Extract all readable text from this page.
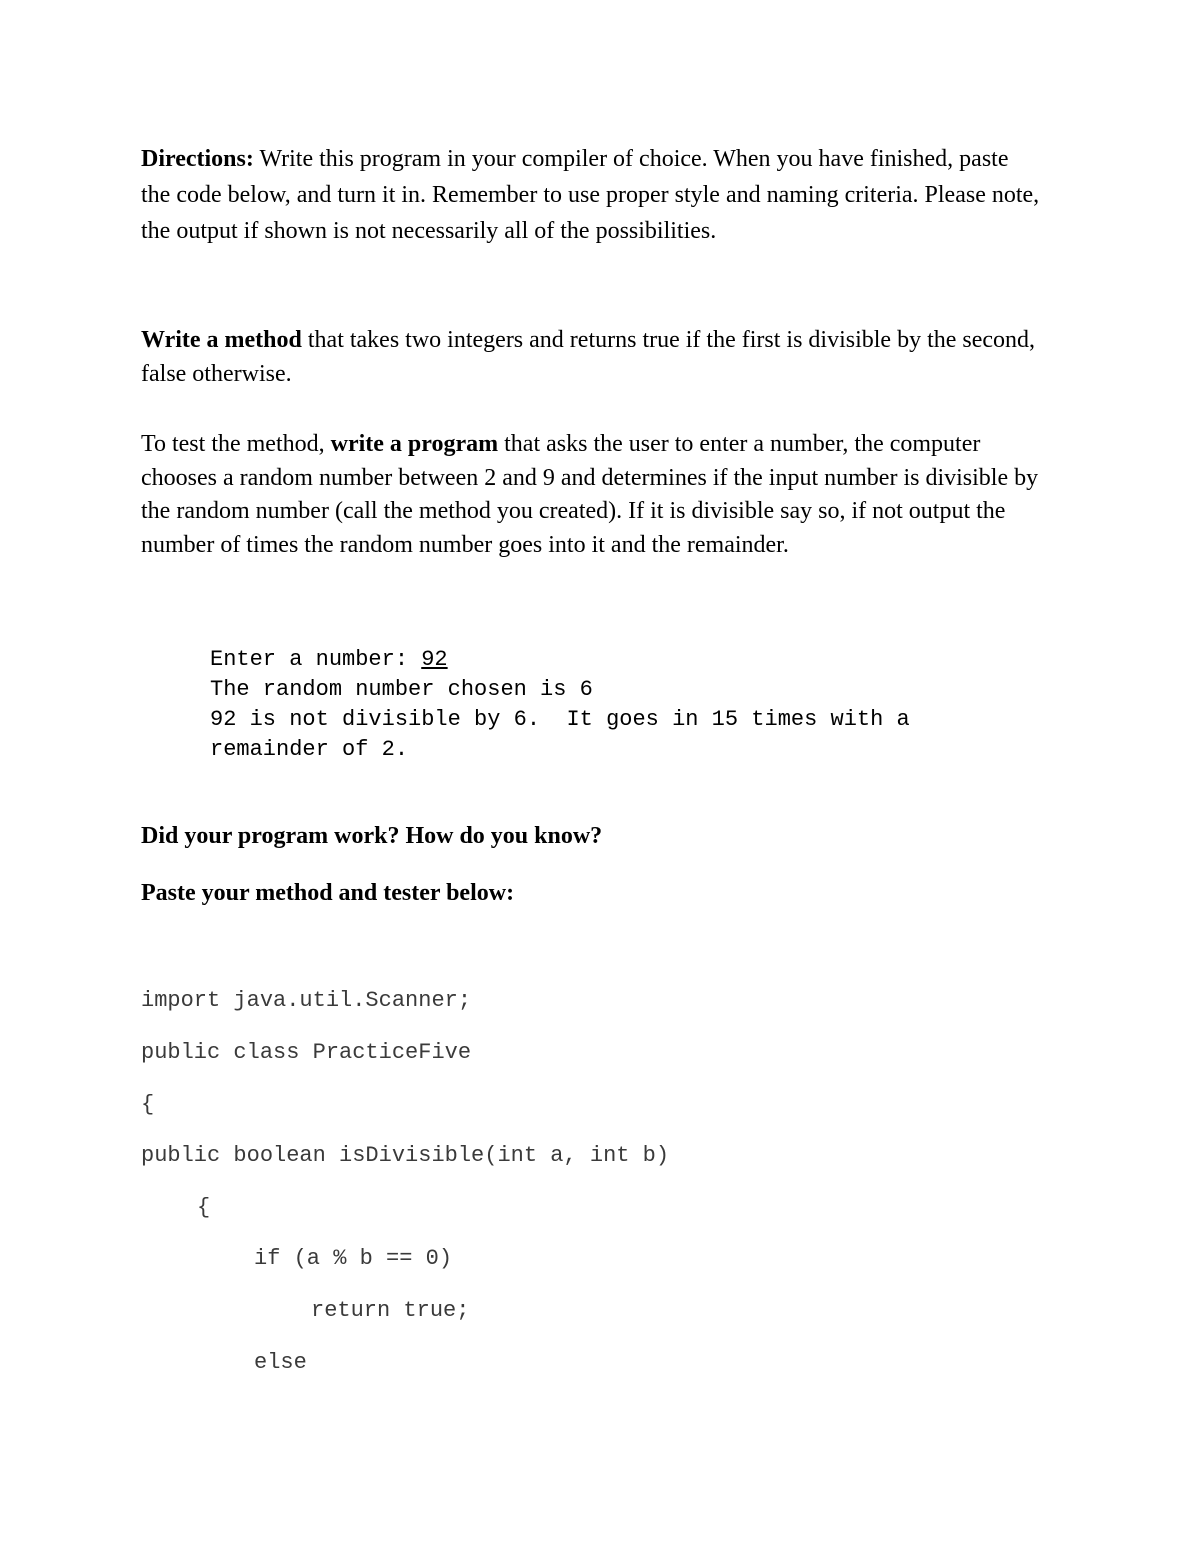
Directions: Write this program in your compiler of choice. When you have finished, paste the code below, and turn it in. Remember to use proper style and naming criteria. Please note, the output if shown is not necessarily all of the possibilities.

Write a method that takes two integers and returns true if the first is divisible by the second, false otherwise.

To test the method, write a program that asks the user to enter a number, the computer chooses a random number between 2 and 9 and determines if the input number is divisible by the random number (call the method you created). If it is divisible say so, if not output the number of times the random number goes into it and the remainder.

Enter a number: 92
The random number chosen is 6
92 is not divisible by 6.  It goes in 15 times with a
remainder of 2.

Did your program work? How do you know?

Paste your method and tester below:

import java.util.Scanner;
public class PracticeFive
{
public boolean isDivisible(int a, int b)
{
if (a % b == 0)
return true;
else
